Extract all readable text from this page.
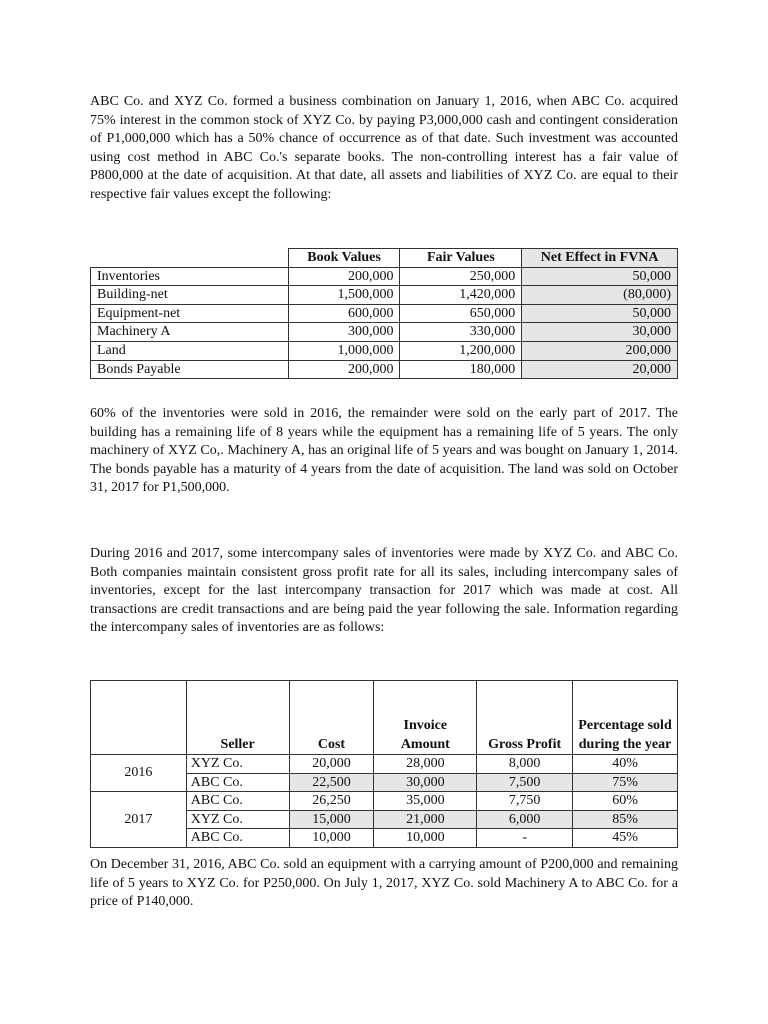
ABC Co. and XYZ Co. formed a business combination on January 1, 2016, when ABC Co. acquired 75% interest in the common stock of XYZ Co. by paying P3,000,000 cash and contingent consideration of P1,000,000 which has a 50% chance of occurrence as of that date. Such investment was accounted using cost method in ABC Co.'s separate books. The non-controlling interest has a fair value of P800,000 at the date of acquisition. At that date, all assets and liabilities of XYZ Co. are equal to their respective fair values except the following:

	Book Values	Fair Values	Net Effect in FVNA
Inventories	200,000	250,000	50,000
Building-net	1,500,000	1,420,000	(80,000)
Equipment-net	600,000	650,000	50,000
Machinery A	300,000	330,000	30,000
Land	1,000,000	1,200,000	200,000
Bonds Payable	200,000	180,000	20,000

60% of the inventories were sold in 2016, the remainder were sold on the early part of 2017. The building has a remaining life of 8 years while the equipment has a remaining life of 5 years. The only machinery of XYZ Co,. Machinery A, has an original life of 5 years and was bought on January 1, 2014. The bonds payable has a maturity of 4 years from the date of acquisition. The land was sold on October 31, 2017 for P1,500,000.

During 2016 and 2017, some intercompany sales of inventories were made by XYZ Co. and ABC Co. Both companies maintain consistent gross profit rate for all its sales, including intercompany sales of inventories, except for the last intercompany transaction for 2017 which was made at cost. All transactions are credit transactions and are being paid the year following the sale. Information regarding the intercompany sales of inventories are as follows:

	Seller	Cost	Invoice Amount	Gross Profit	Percentage sold during the year
2016	XYZ Co.	20,000	28,000	8,000	40%
	ABC Co.	22,500	30,000	7,500	75%
2017	ABC Co.	26,250	35,000	7,750	60%
	XYZ Co.	15,000	21,000	6,000	85%
	ABC Co.	10,000	10,000	-	45%

On December 31, 2016, ABC Co. sold an equipment with a carrying amount of P200,000 and remaining life of 5 years to XYZ Co. for P250,000. On July 1, 2017, XYZ Co. sold Machinery A to ABC Co. for a price of P140,000.
